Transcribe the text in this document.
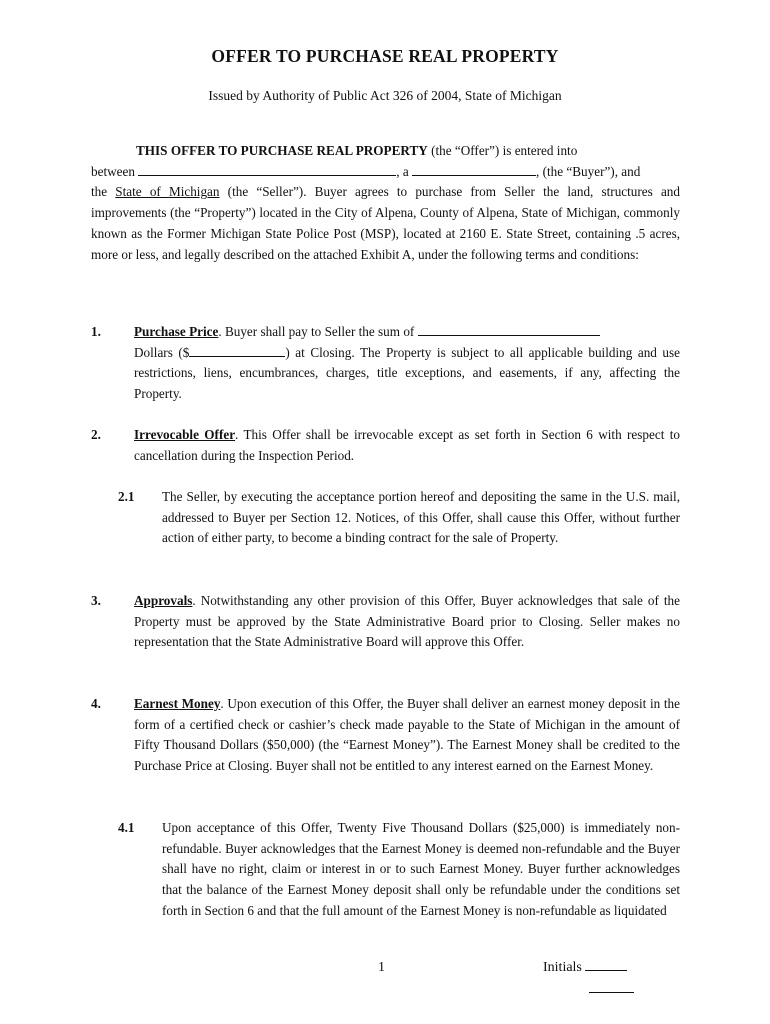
OFFER TO PURCHASE REAL PROPERTY
Issued by Authority of Public Act 326 of 2004, State of Michigan

THIS OFFER TO PURCHASE REAL PROPERTY (the “Offer”) is entered into

between	, a	, (the “Buyer”), and

the State of Michigan (the “Seller”). Buyer agrees to purchase from Seller the land, structures and improvements (the “Property”) located in the City of Alpena, County of Alpena, State of Michigan, commonly known as the Former Michigan State Police Post (MSP), located at 2160 E. State Street, containing .5 acres, more or less, and legally described on the attached Exhibit A, under the following terms and conditions:

1.	Purchase Price. Buyer shall pay to Seller the sum of

Dollars ($	) at Closing. The Property is subject to all applicable building and use restrictions, liens, encumbrances, charges, title exceptions, and easements, if any, affecting the Property.

2.	Irrevocable Offer. This Offer shall be irrevocable except as set forth in Section 6 with respect to cancellation during the Inspection Period.

2.1 The Seller, by executing the acceptance portion hereof and depositing the same in the U.S. mail, addressed to Buyer per Section 12. Notices, of this Offer, shall cause this Offer, without further action of either party, to become a binding contract for the sale of Property.

3.	Approvals. Notwithstanding any other provision of this Offer, Buyer acknowledges that sale of the Property must be approved by the State Administrative Board prior to Closing. Seller makes no representation that the State Administrative Board will approve this Offer.

4.	Earnest Money. Upon execution of this Offer, the Buyer shall deliver an earnest money deposit in the form of a certified check or cashier’s check made payable to the State of Michigan in the amount of Fifty Thousand Dollars ($50,000) (the “Earnest Money”). The Earnest Money shall be credited to the Purchase Price at Closing. Buyer shall not be entitled to any interest earned on the Earnest Money.

4.1 Upon acceptance of this Offer, Twenty Five Thousand Dollars ($25,000) is immediately non-refundable. Buyer acknowledges that the Earnest Money is deemed non-refundable and the Buyer shall have no right, claim or interest in or to such Earnest Money. Buyer further acknowledges that the balance of the Earnest Money deposit shall only be refundable under the conditions set forth in Section 6 and that the full amount of the Earnest Money is non-refundable as liquidated

1	Initials
